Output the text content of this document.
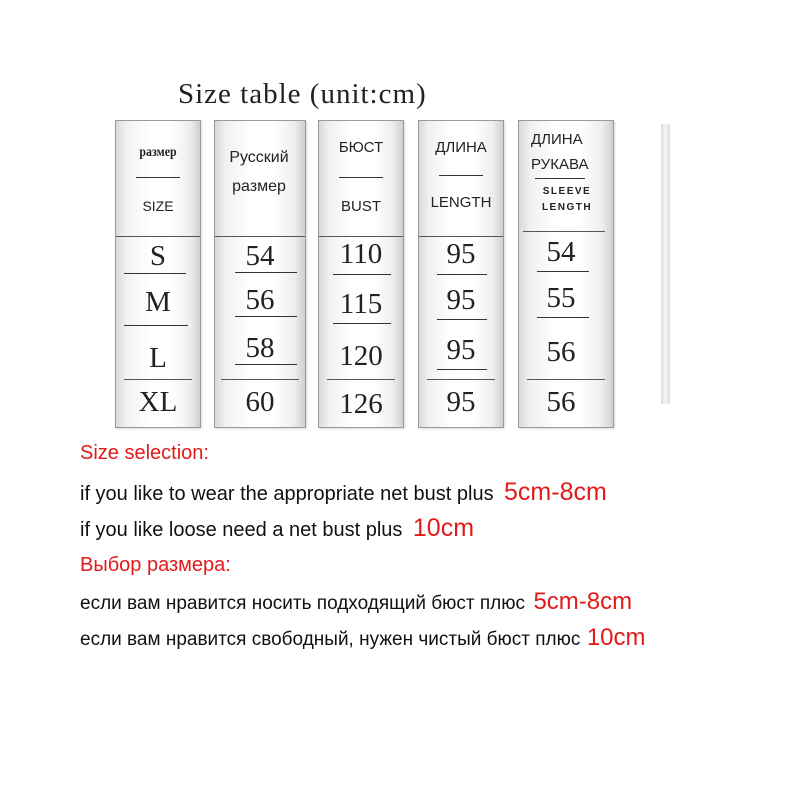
Size table (unit:cm)
размер
SIZE
S
M
L
XL
Русский размер
54
56
58
60
БЮСТ
BUST
110
115
120
126
ДЛИНА
LENGTH
95
95
95
95
ДЛИНА РУКАВА
SLEEVE LENGTH
54
55
56
56
Size selection:
if you like to wear the appropriate net bust plus 5cm-8cm
if you like loose need a net bust plus 10cm
Выбор размера:
если вам нравится носить подходящий бюст плюс 5cm-8cm
если вам нравится свободный, нужен чистый бюст плюс 10cm
